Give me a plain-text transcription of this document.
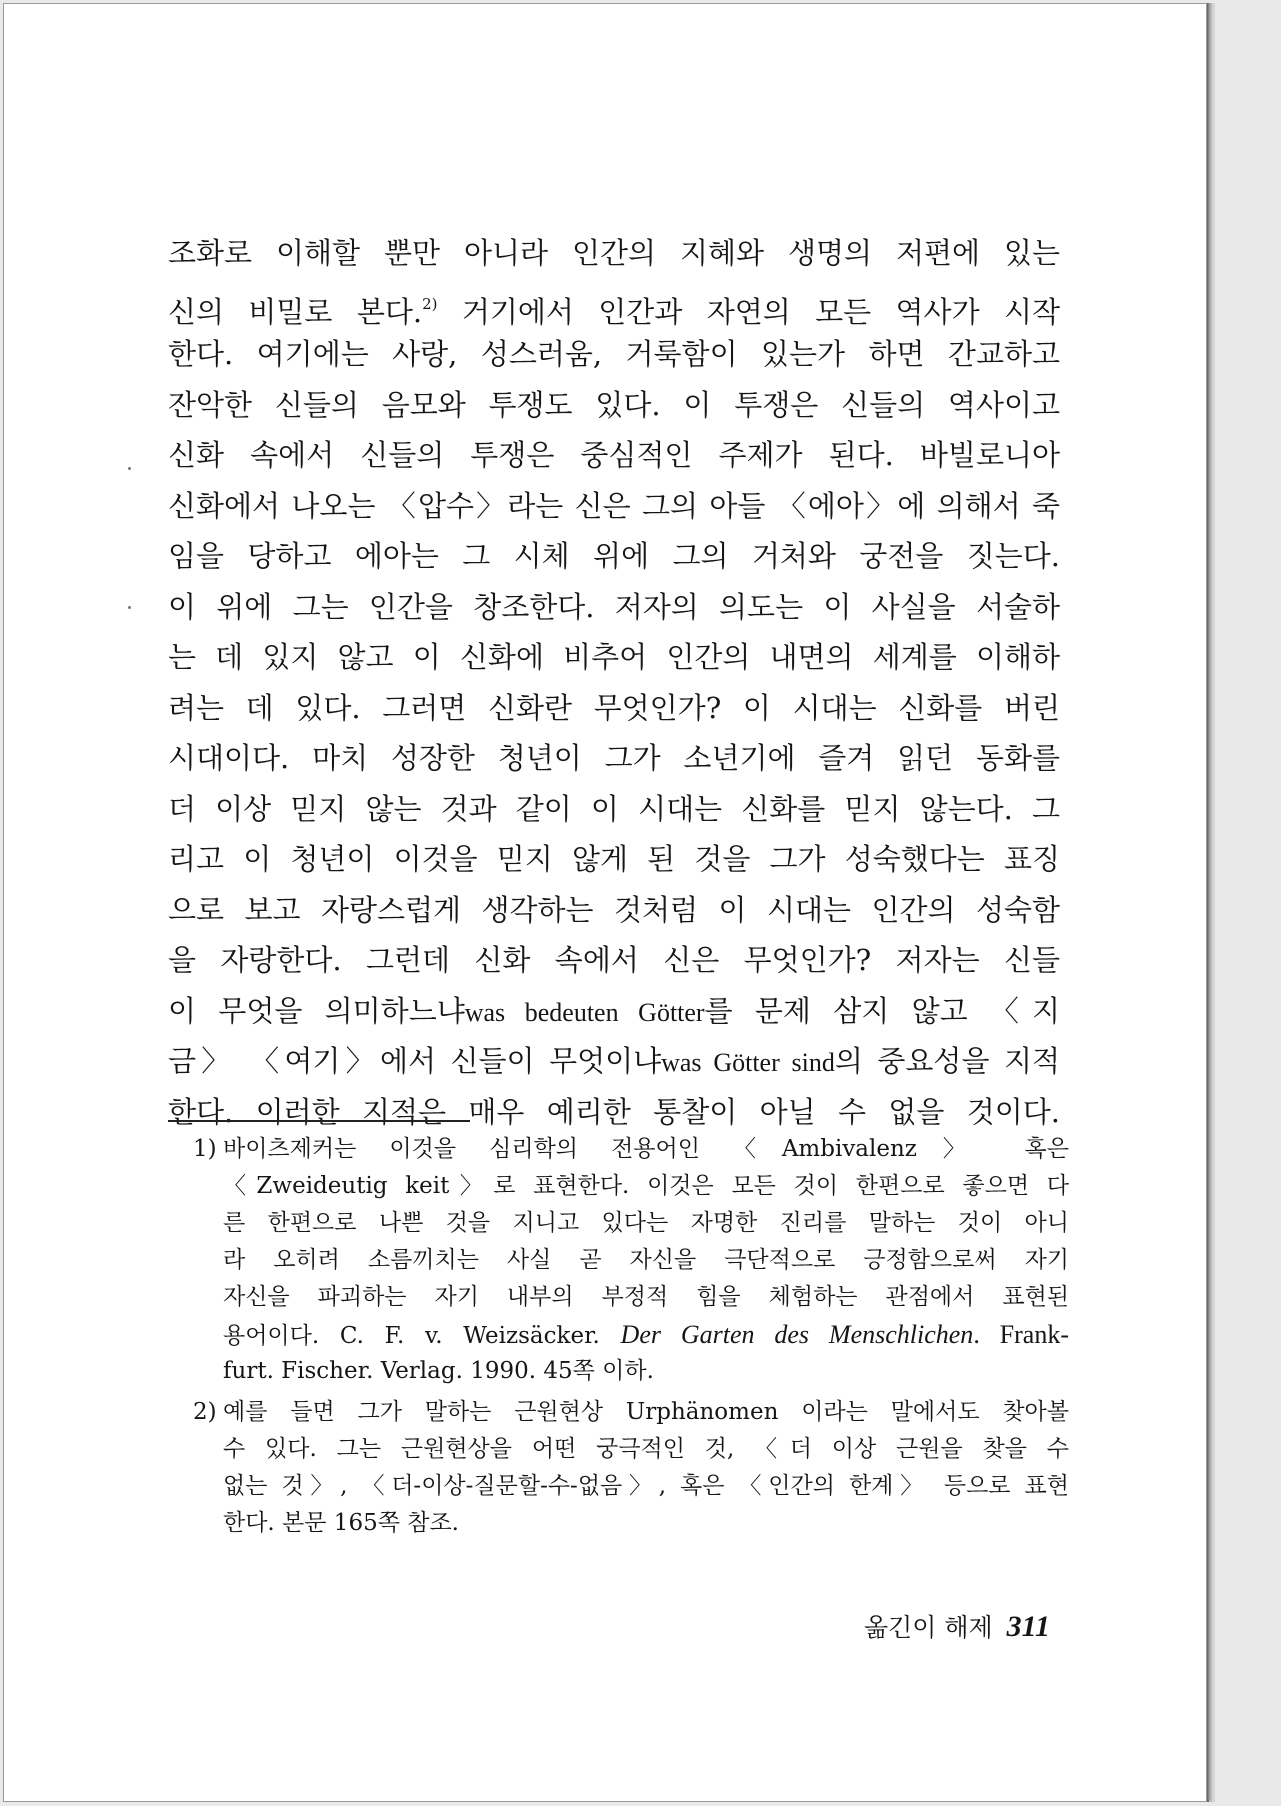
조화로 이해할 뿐만 아니라 인간의 지혜와 생명의 저편에 있는
신의 비밀로 본다.$^{2)}$ 거기에서 인간과 자연의 모든 역사가 시작
한다. 여기에는 사랑, 성스러움, 거룩함이 있는가 하면 간교하고
잔악한 신들의 음모와 투쟁도 있다. 이 투쟁은 신들의 역사이고
신화 속에서 신들의 투쟁은 중심적인 주제가 된다. 바빌로니아
신화에서 나오는 〈압수〉라는 신은 그의 아들 〈에아〉에 의해서 죽
임을 당하고 에아는 그 시체 위에 그의 거처와 궁전을 짓는다.
이 위에 그는 인간을 창조한다. 저자의 의도는 이 사실을 서술하
는 데 있지 않고 이 신화에 비추어 인간의 내면의 세계를 이해하
려는 데 있다. 그러면 신화란 무엇인가? 이 시대는 신화를 버린
시대이다. 마치 성장한 청년이 그가 소년기에 즐겨 읽던 동화를
더 이상 믿지 않는 것과 같이 이 시대는 신화를 믿지 않는다. 그
리고 이 청년이 이것을 믿지 않게 된 것을 그가 성숙했다는 표징
으로 보고 자랑스럽게 생각하는 것처럼 이 시대는 인간의 성숙함
을 자랑한다. 그런데 신화 속에서 신은 무엇인가? 저자는 신들
이 무엇을 의미하느냐was bedeuten Götter를 문제 삼지 않고 〈지
금〉 〈여기〉에서 신들이 무엇이냐was Götter sind의 중요성을 지적
한다. 이러한 지적은 매우 예리한 통찰이 아닐 수 없을 것이다.
1) 바이츠제커는 이것을 심리학의 전용어인 〈Ambivalenz〉 혹은
〈Zweideutig keit〉로 표현한다. 이것은 모든 것이 한편으로 좋으면 다
른 한편으로 나쁜 것을 지니고 있다는 자명한 진리를 말하는 것이 아니
라 오히려 소름끼치는 사실 곧 자신을 극단적으로 긍정함으로써 자기
자신을 파괴하는 자기 내부의 부정적 힘을 체험하는 관점에서 표현된
용어이다. C. F. v. Weizsäcker. Der Garten des Menschlichen. Frank-
furt. Fischer. Verlag. 1990. 45쪽 이하.
2) 예를 들면 그가 말하는 근원현상 Urphänomen 이라는 말에서도 찾아볼
수 있다. 그는 근원현상을 어떤 궁극적인 것, 〈더 이상 근원을 찾을 수
없는 것〉, 〈더-이상-질문할-수-없음〉, 혹은 〈인간의 한계〉 등으로 표현
한다. 본문 165쪽 참조.
옮긴이 해제 311
